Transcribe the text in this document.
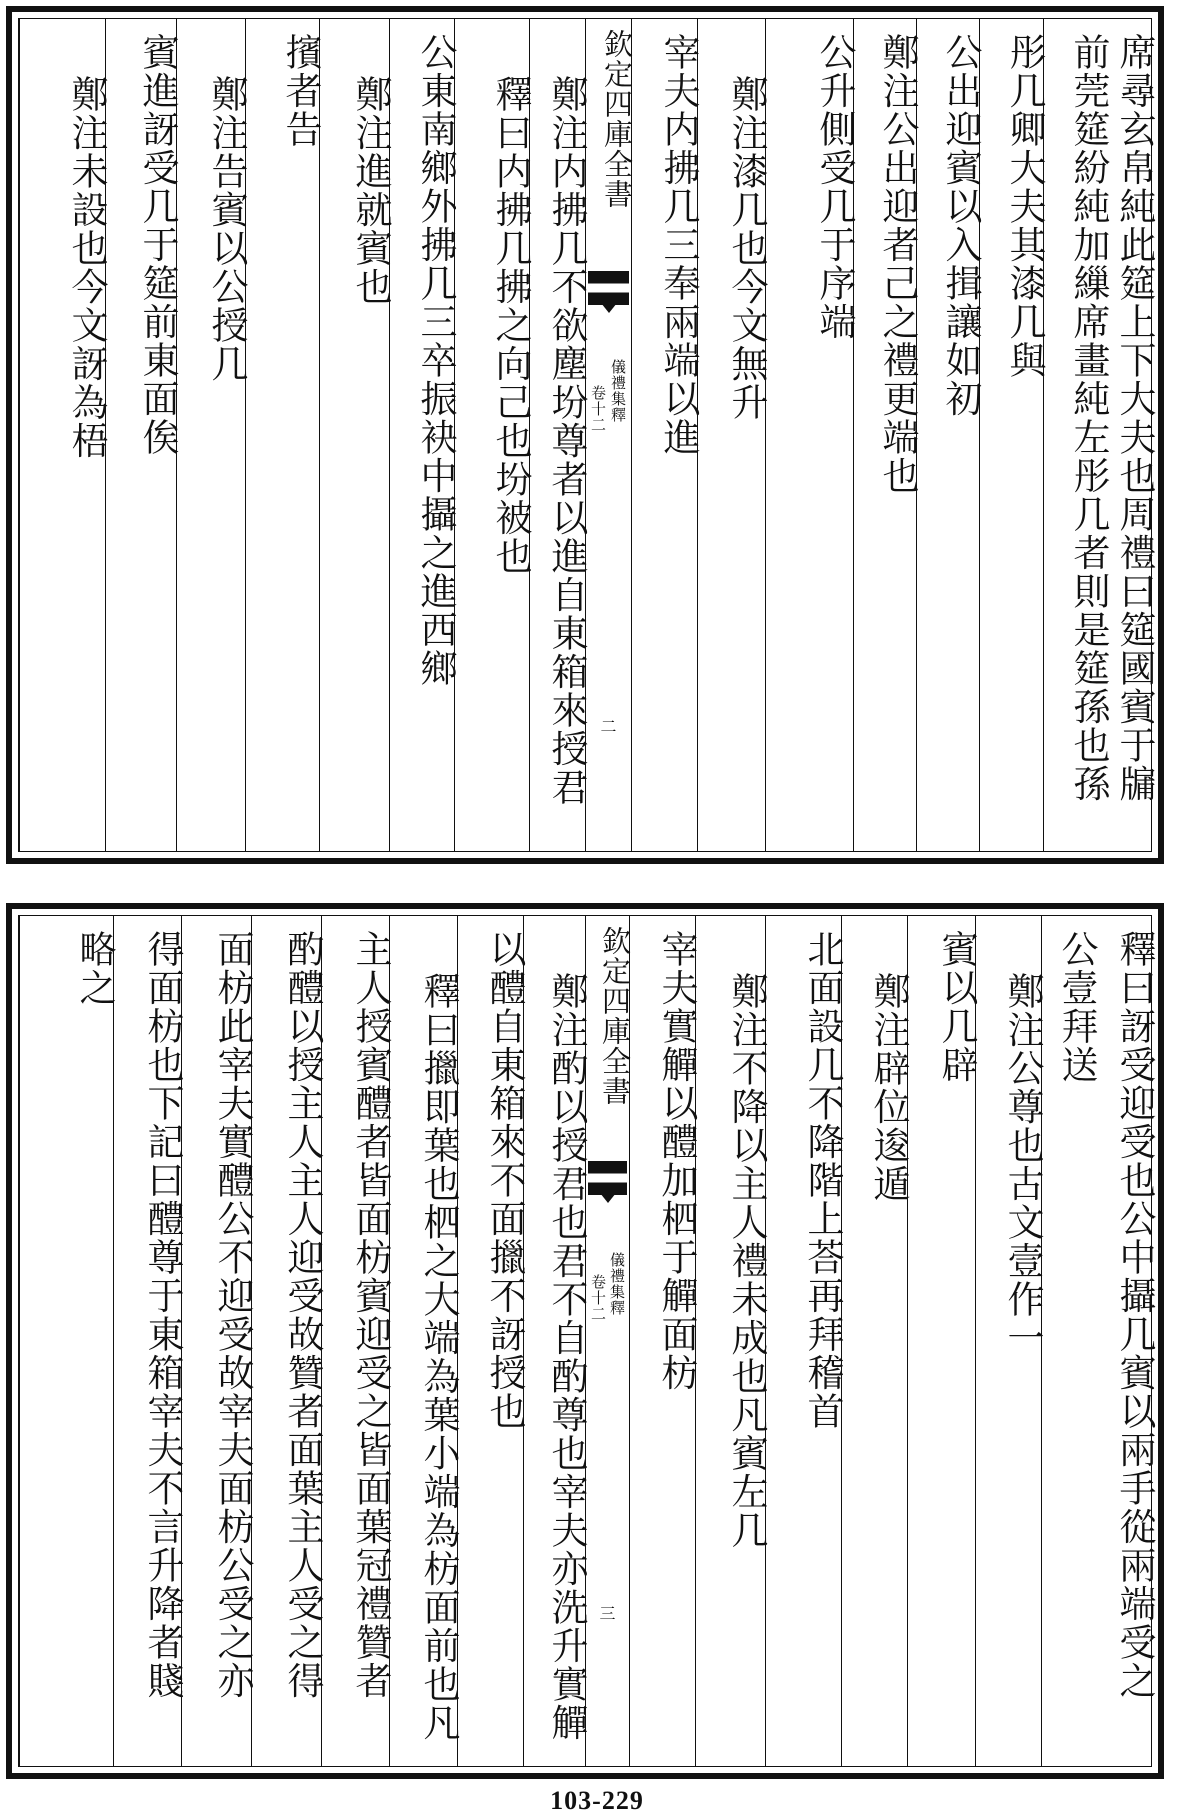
席尋玄帛純此筵上下大夫也周禮曰筵國賓于牖
前莞筵紛純加繅席畫純左彤几者則是筵孫也孫
彤几卿大夫其漆几與
公出迎賓以入揖讓如初
鄭注公出迎者己之禮更端也
公升側受几于序端
鄭注漆几也今文無升
宰夫内拂几三奉兩端以進
欽定四庫全書
儀禮集釋
卷十二
二
鄭注内拂几不欲塵坋尊者以進自東箱來授君
釋曰内拂几拂之向己也坋被也
公東南鄉外拂几三卒振袂中攝之進西鄉
鄭注進就賓也
擯者告
鄭注告賓以公授几
賓進訝受几于筵前東面俟
鄭注未設也今文訝為梧
釋曰訝受迎受也公中攝几賓以兩手從兩端受之
公壹拜送
鄭注公尊也古文壹作一
賓以几辟
鄭注辟位逡遁
北面設几不降階上荅再拜稽首
鄭注不降以主人禮未成也凡賓左几
宰夫實觶以醴加柶于觶面枋
欽定四庫全書
儀禮集釋
卷十二
三
鄭注酌以授君也君不自酌尊也宰夫亦洗升實觶
以醴自東箱來不面擸不訝授也
釋曰擸即葉也柶之大端為葉小端為枋面前也凡
主人授賓醴者皆面枋賓迎受之皆面葉冠禮贊者
酌醴以授主人主人迎受故贊者面葉主人受之得
面枋此宰夫實醴公不迎受故宰夫面枋公受之亦
得面枋也下記曰醴尊于東箱宰夫不言升降者賤
略之
103-229
